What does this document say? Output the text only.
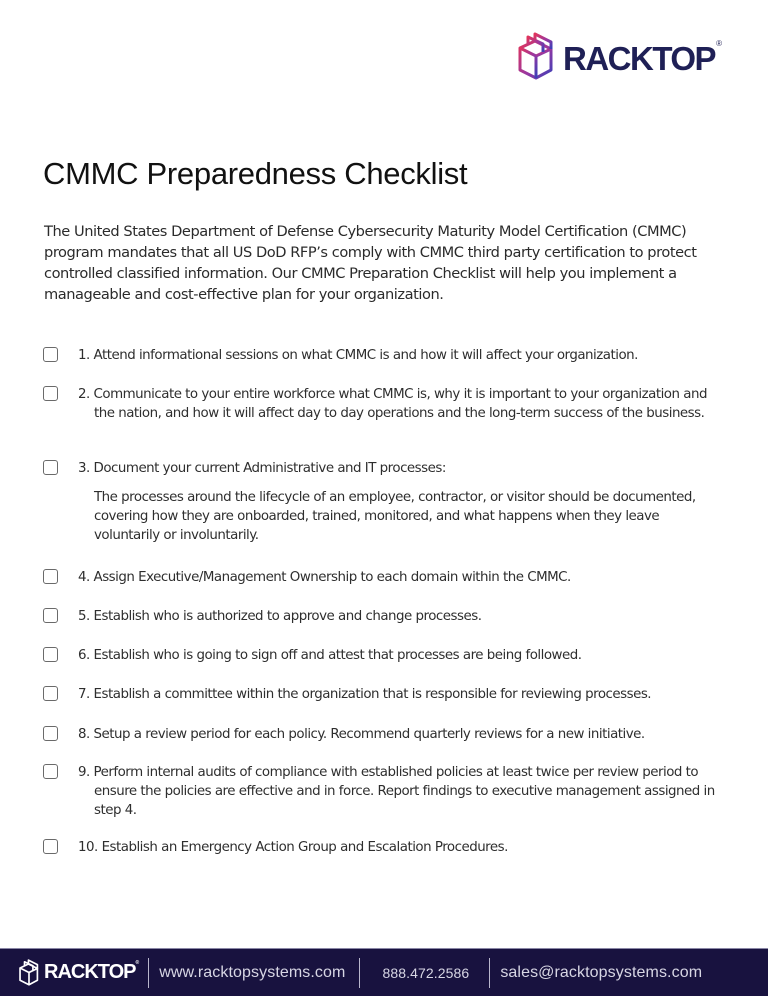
RACKTOP®
CMMC Preparedness Checklist

The United States Department of Defense Cybersecurity Maturity Model Certification (CMMC) program mandates that all US DoD RFP’s comply with CMMC third party certification to protect controlled classified information. Our CMMC Preparation Checklist will help you implement a manageable and cost-effective plan for your organization.

1. Attend informational sessions on what CMMC is and how it will affect your organization.
2. Communicate to your entire workforce what CMMC is, why it is important to your organization and the nation, and how it will affect day to day operations and the long-term success of the business.
3. Document your current Administrative and IT processes:
The processes around the lifecycle of an employee, contractor, or visitor should be documented, covering how they are onboarded, trained, monitored, and what happens when they leave voluntarily or involuntarily.
4. Assign Executive/Management Ownership to each domain within the CMMC.
5. Establish who is authorized to approve and change processes.
6. Establish who is going to sign off and attest that processes are being followed.
7. Establish a committee within the organization that is responsible for reviewing processes.
8. Setup a review period for each policy. Recommend quarterly reviews for a new initiative.
9. Perform internal audits of compliance with established policies at least twice per review period to ensure the policies are effective and in force. Report findings to executive management assigned in step 4.
10. Establish an Emergency Action Group and Escalation Procedures.
RACKTOP®
www.racktopsystems.com	888.472.2586 sales@racktopsystems.com
